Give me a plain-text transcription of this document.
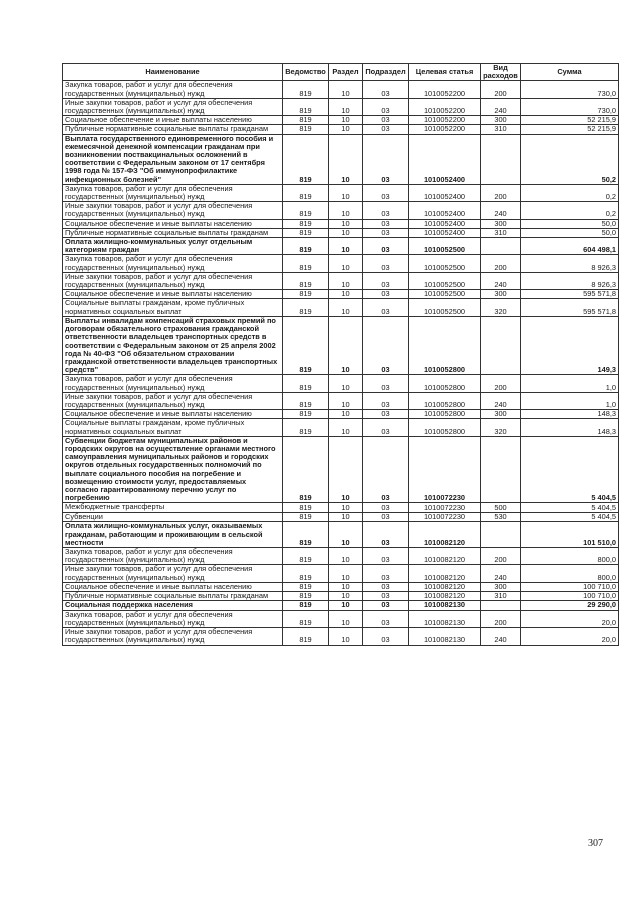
Наименование	Ведомство	Раздел	Подраздел	Целевая статья	Вид расходов	Сумма
Закупка товаров, работ и услуг для обеспечения государственных (муниципальных) нужд	819	10	03	1010052200	200	730,0
Иные закупки товаров, работ и услуг для обеспечения государственных (муниципальных) нужд	819	10	03	1010052200	240	730,0
Социальное обеспечение и иные выплаты населению	819	10	03	1010052200	300	52 215,9
Публичные нормативные социальные выплаты гражданам	819	10	03	1010052200	310	52 215,9
Выплата государственного единовременного пособия и ежемесячной денежной компенсации гражданам при возникновении поствакцинальных осложнений в соответствии с Федеральным законом от 17 сентября 1998 года № 157-ФЗ "Об иммунопрофилактике инфекционных болезней"	819	10	03	1010052400		50,2
Закупка товаров, работ и услуг для обеспечения государственных (муниципальных) нужд	819	10	03	1010052400	200	0,2
Иные закупки товаров, работ и услуг для обеспечения государственных (муниципальных) нужд	819	10	03	1010052400	240	0,2
Социальное обеспечение и иные выплаты населению	819	10	03	1010052400	300	50,0
Публичные нормативные социальные выплаты гражданам	819	10	03	1010052400	310	50,0
Оплата жилищно-коммунальных услуг отдельным категориям граждан	819	10	03	1010052500		604 498,1
Закупка товаров, работ и услуг для обеспечения государственных (муниципальных) нужд	819	10	03	1010052500	200	8 926,3
Иные закупки товаров, работ и услуг для обеспечения государственных (муниципальных) нужд	819	10	03	1010052500	240	8 926,3
Социальное обеспечение и иные выплаты населению	819	10	03	1010052500	300	595 571,8
Социальные выплаты гражданам, кроме публичных нормативных социальных выплат	819	10	03	1010052500	320	595 571,8
Выплаты инвалидам компенсаций страховых премий по договорам обязательного страхования гражданской ответственности владельцев транспортных средств в соответствии с Федеральным законом от 25 апреля 2002 года № 40-ФЗ "Об обязательном страховании гражданской ответственности владельцев транспортных средств"	819	10	03	1010052800		149,3
Закупка товаров, работ и услуг для обеспечения государственных (муниципальных) нужд	819	10	03	1010052800	200	1,0
Иные закупки товаров, работ и услуг для обеспечения государственных (муниципальных) нужд	819	10	03	1010052800	240	1,0
Социальное обеспечение и иные выплаты населению	819	10	03	1010052800	300	148,3
Социальные выплаты гражданам, кроме публичных нормативных социальных выплат	819	10	03	1010052800	320	148,3
Субвенции бюджетам муниципальных районов и городских округов на осуществление органами местного самоуправления муниципальных районов и городских округов отдельных государственных полномочий по выплате социального пособия на погребение и возмещению стоимости услуг, предоставляемых согласно гарантированному перечню услуг по погребению	819	10	03	1010072230		5 404,5
Межбюджетные трансферты	819	10	03	1010072230	500	5 404,5
Субвенции	819	10	03	1010072230	530	5 404,5
Оплата жилищно-коммунальных услуг, оказываемых гражданам, работающим и проживающим в сельской местности	819	10	03	1010082120		101 510,0
Закупка товаров, работ и услуг для обеспечения государственных (муниципальных) нужд	819	10	03	1010082120	200	800,0
Иные закупки товаров, работ и услуг для обеспечения государственных (муниципальных) нужд	819	10	03	1010082120	240	800,0
Социальное обеспечение и иные выплаты населению	819	10	03	1010082120	300	100 710,0
Публичные нормативные социальные выплаты гражданам	819	10	03	1010082120	310	100 710,0
Социальная поддержка населения	819	10	03	1010082130		29 290,0
Закупка товаров, работ и услуг для обеспечения государственных (муниципальных) нужд	819	10	03	1010082130	200	20,0
Иные закупки товаров, работ и услуг для обеспечения государственных (муниципальных) нужд	819	10	03	1010082130	240	20,0
307
